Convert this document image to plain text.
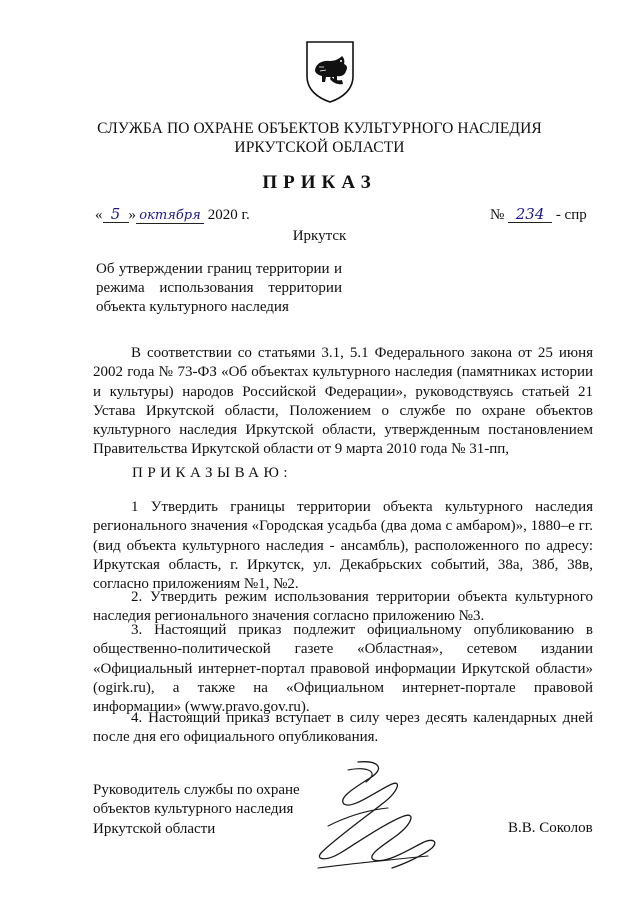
СЛУЖБА ПО ОХРАНЕ ОБЪЕКТОВ КУЛЬТУРНОГО НАСЛЕДИЯ
ИРКУТСКОЙ ОБЛАСТИ
ПРИКАЗ
« 5 » октября 2020 г.	№ 234 - спр
Иркутск
Об утверждении границ территории и режима использования территории объекта культурного наследия
В соответствии со статьями 3.1, 5.1 Федерального закона от 25 июня 2002 года № 73-ФЗ «Об объектах культурного наследия (памятниках истории и культуры) народов Российской Федерации», руководствуясь статьей 21 Устава Иркутской области, Положением о службе по охране объектов культурного наследия Иркутской области, утвержденным постановлением Правительства Иркутской области от 9 марта 2010 года № 31-пп,
ПРИКАЗЫВАЮ:
1 Утвердить границы территории объекта культурного наследия регионального значения «Городская усадьба (два дома с амбаром)», 1880–е гг. (вид объекта культурного наследия - ансамбль), расположенного по адресу: Иркутская область, г. Иркутск, ул. Декабрьских событий, 38а, 38б, 38в, согласно приложениям №1, №2.
2. Утвердить режим использования территории объекта культурного наследия регионального значения согласно приложению №3.
3. Настоящий приказ подлежит официальному опубликованию в общественно-политической газете «Областная», сетевом издании «Официальный интернет-портал правовой информации Иркутской области» (ogirk.ru), а также на «Официальном интернет-портале правовой информации» (www.pravo.gov.ru).
4. Настоящий приказ вступает в силу через десять календарных дней после дня его официального опубликования.
Руководитель службы по охране
объектов культурного наследия
Иркутской области	В.В. Соколов
